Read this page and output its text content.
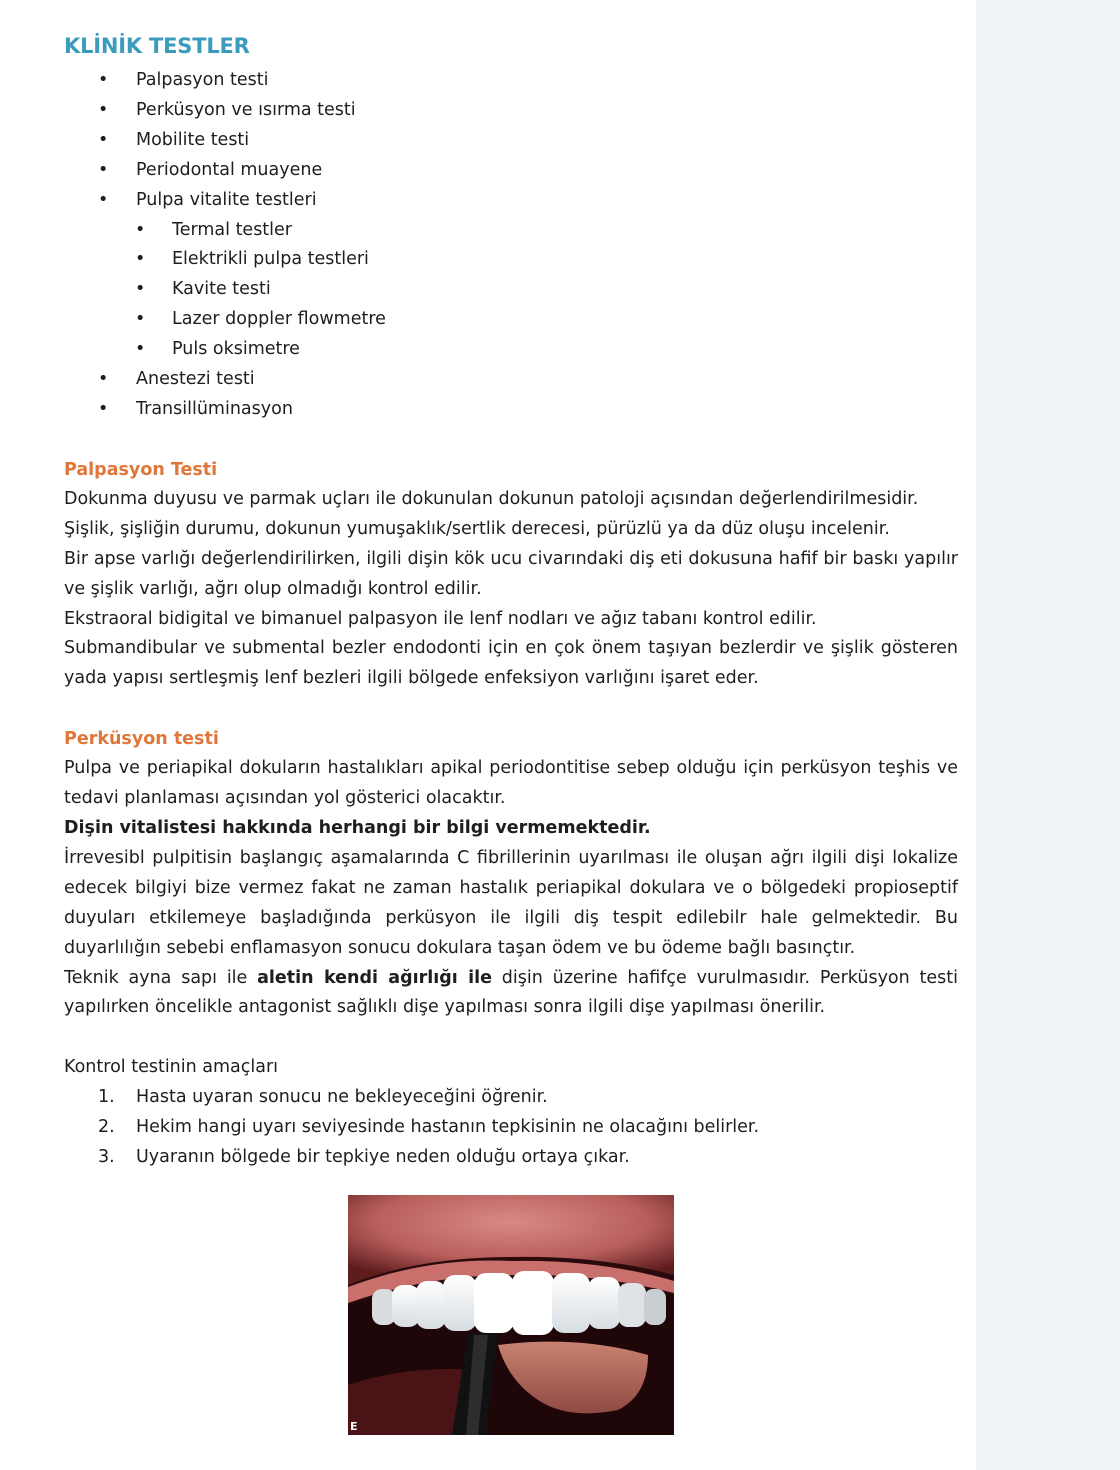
KLİNİK TESTLER
•	Palpasyon testi
•	Perküsyon ve ısırma testi
•	Mobilite testi
•	Periodontal muayene
•	Pulpa vitalite testleri
•	Termal testler
•	Elektrikli pulpa testleri
•	Kavite testi
•	Lazer doppler flowmetre
•	Puls oksimetre
•	Anestezi testi
•	Transillüminasyon
Palpasyon Testi

Dokunma duyusu ve parmak uçları ile dokunulan dokunun patoloji açısından değerlendirilmesidir.

Şişlik, şişliğin durumu, dokunun yumuşaklık/sertlik derecesi, pürüzlü ya da düz oluşu incelenir.

Bir apse varlığı değerlendirilirken, ilgili dişin kök ucu civarındaki diş eti dokusuna hafif bir baskı yapılır ve şişlik varlığı, ağrı olup olmadığı kontrol edilir.

Ekstraoral bidigital ve bimanuel palpasyon ile lenf nodları ve ağız tabanı kontrol edilir.

Submandibular ve submental bezler endodonti için en çok önem taşıyan bezlerdir ve şişlik gösteren yada yapısı sertleşmiş lenf bezleri ilgili bölgede enfeksiyon varlığını işaret eder.

Perküsyon testi

Pulpa ve periapikal dokuların hastalıkları apikal periodontitise sebep olduğu için perküsyon teşhis ve tedavi planlaması açısından yol gösterici olacaktır.

Dişin vitalistesi hakkında herhangi bir bilgi vermemektedir.

İrrevesibl pulpitisin başlangıç aşamalarında C fibrillerinin uyarılması ile oluşan ağrı ilgili dişi lokalize edecek bilgiyi bize vermez fakat ne zaman hastalık periapikal dokulara ve o bölgedeki propioseptif duyuları etkilemeye başladığında perküsyon ile ilgili diş tespit edilebilr hale gelmektedir. Bu duyarlılığın sebebi enflamasyon sonucu dokulara taşan ödem ve bu ödeme bağlı basınçtır.

Teknik ayna sapı ile aletin kendi ağırlığı ile dişin üzerine hafifçe vurulmasıdır. Perküsyon testi yapılırken öncelikle antagonist sağlıklı dişe yapılması sonra ilgili dişe yapılması önerilir.

Kontrol testinin amaçları

1. Hasta uyaran sonucu ne bekleyeceğini öğrenir.
2. Hekim hangi uyarı seviyesinde hastanın tepkisinin ne olacağını belirler.
3. Uyaranın bölgede bir tepkiye neden olduğu ortaya çıkar.
E
